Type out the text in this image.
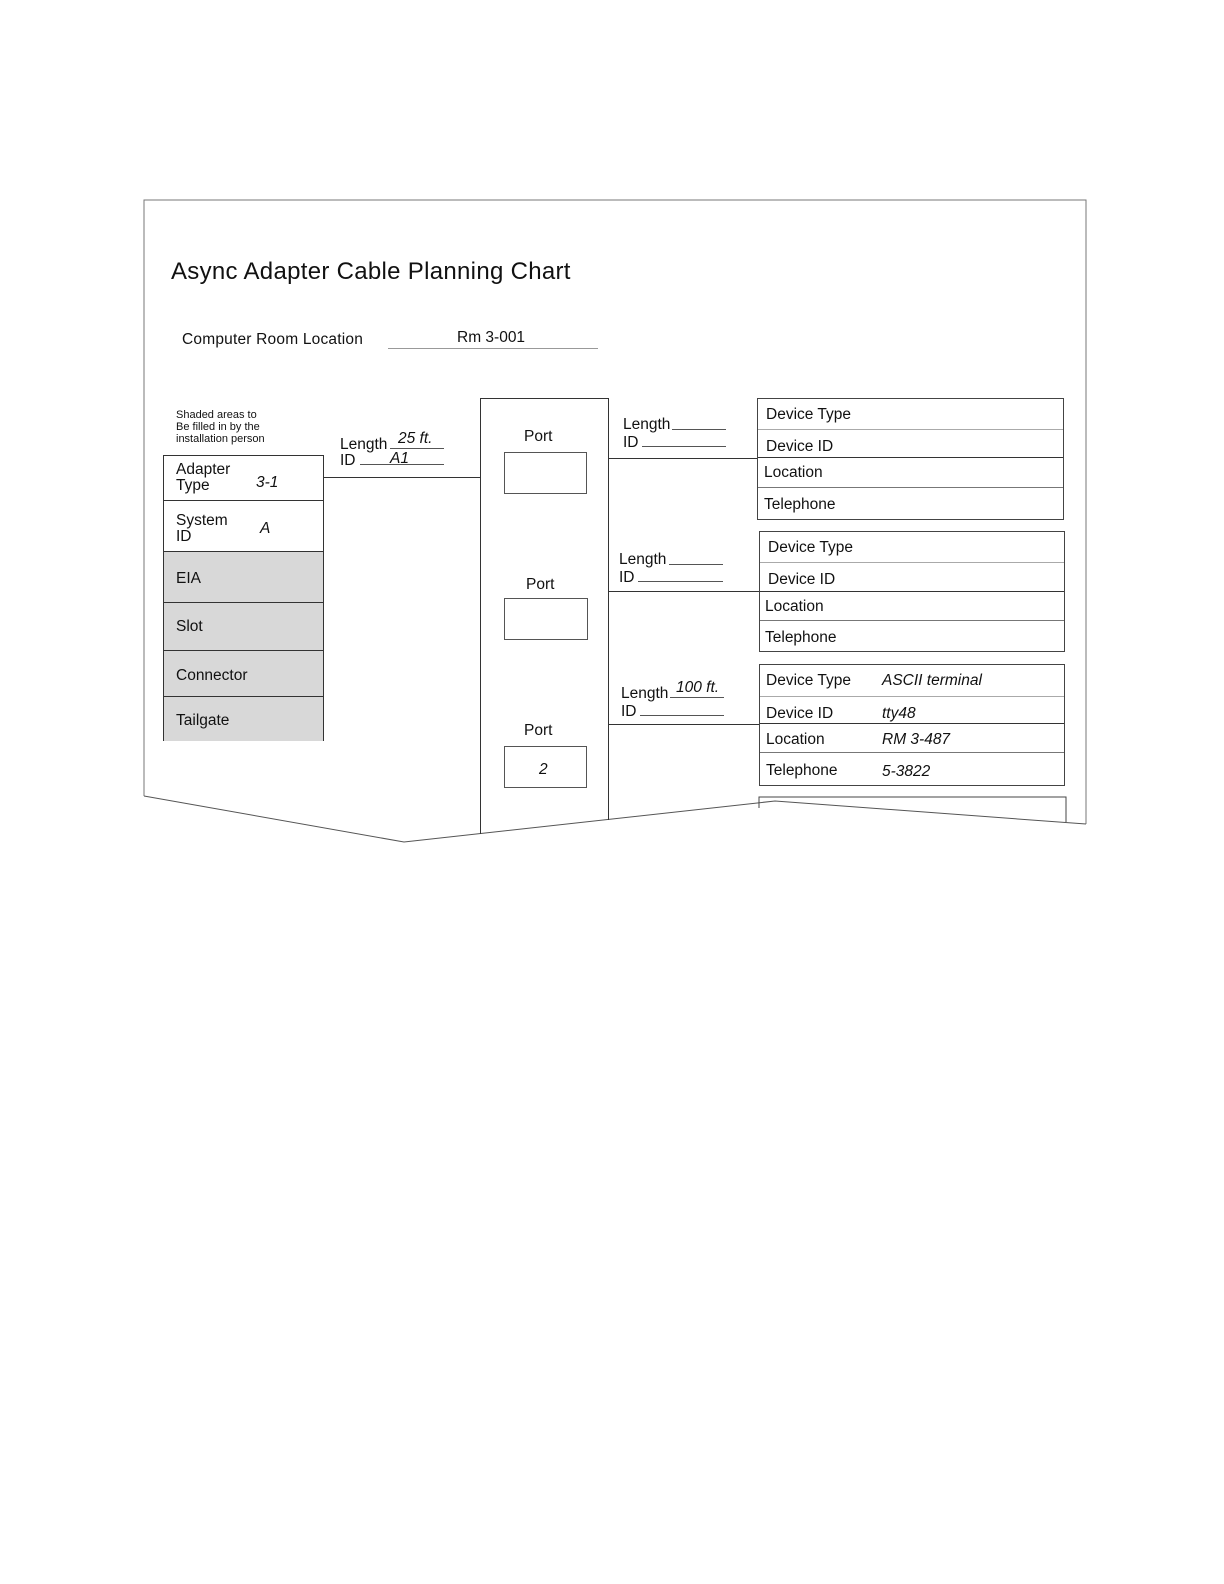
Async Adapter Cable Planning Chart
Computer Room Location	Rm 3-001
Shaded areas to
Be filled in by the
installation person
Adapter
Type	3-1
System
ID	A
EIA
Slot
Connector
Tailgate
Length 25 ft.
ID A1
Port
Port
Port
2
Length
ID
Length
ID
Length 100 ft.
ID
Device Type
Device ID
Location
Telephone
Device Type
Device ID
Location
Telephone
Device Type ASCII terminal
Device ID	tty48
Location	RM 3-487
Telephone	5-3822
